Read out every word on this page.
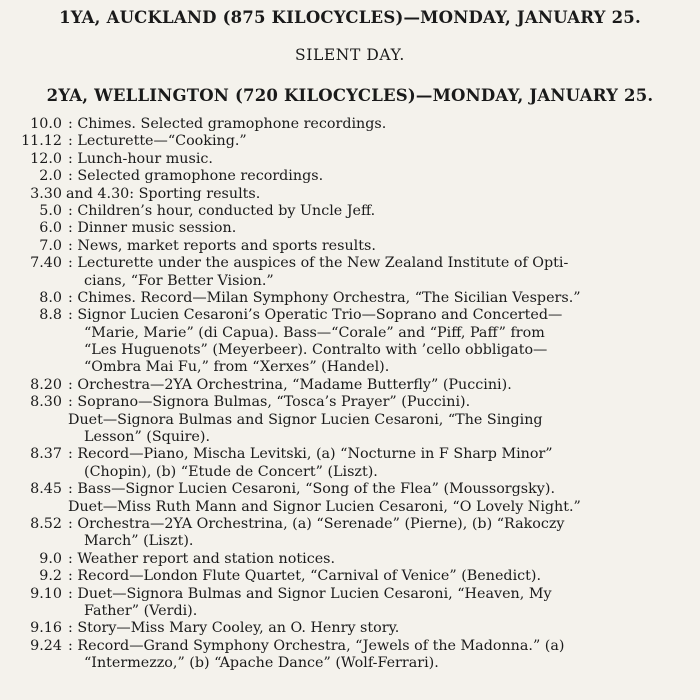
1YA, AUCKLAND (875 KILOCYCLES)—MONDAY, JANUARY 25.
SILENT DAY.
2YA, WELLINGTON (720 KILOCYCLES)—MONDAY, JANUARY 25.
10.0 : Chimes. Selected gramophone recordings.
11.12 : Lecturette—“Cooking.”
12.0 : Lunch-hour music.
2.0 : Selected gramophone recordings.
3.30 and 4.30: Sporting results.
5.0 : Children’s hour, conducted by Uncle Jeff.
6.0 : Dinner music session.
7.0 : News, market reports and sports results.
7.40 : Lecturette under the auspices of the New Zealand Institute of Opti-
cians, “For Better Vision.”
8.0 : Chimes. Record—Milan Symphony Orchestra, “The Sicilian Vespers.”
8.8 : Signor Lucien Cesaroni’s Operatic Trio—Soprano and Concerted—
“Marie, Marie” (di Capua). Bass—“Corale” and “Piff, Paff” from
“Les Huguenots” (Meyerbeer). Contralto with ’cello obbligato—
“Ombra Mai Fu,” from “Xerxes” (Handel).
8.20 : Orchestra—2YA Orchestrina, “Madame Butterfly” (Puccini).
8.30 : Soprano—Signora Bulmas, “Tosca’s Prayer” (Puccini).
Duet—Signora Bulmas and Signor Lucien Cesaroni, “The Singing
Lesson” (Squire).
8.37 : Record—Piano, Mischa Levitski, (a) “Nocturne in F Sharp Minor”
(Chopin), (b) “Etude de Concert” (Liszt).
8.45 : Bass—Signor Lucien Cesaroni, “Song of the Flea” (Moussorgsky).
Duet—Miss Ruth Mann and Signor Lucien Cesaroni, “O Lovely Night.”
8.52 : Orchestra—2YA Orchestrina, (a) “Serenade” (Pierne), (b) “Rakoczy
March” (Liszt).
9.0 : Weather report and station notices.
9.2 : Record—London Flute Quartet, “Carnival of Venice” (Benedict).
9.10 : Duet—Signora Bulmas and Signor Lucien Cesaroni, “Heaven, My
Father” (Verdi).
9.16 : Story—Miss Mary Cooley, an O. Henry story.
9.24 : Record—Grand Symphony Orchestra, “Jewels of the Madonna.” (a)
“Intermezzo,” (b) “Apache Dance” (Wolf-Ferrari).
